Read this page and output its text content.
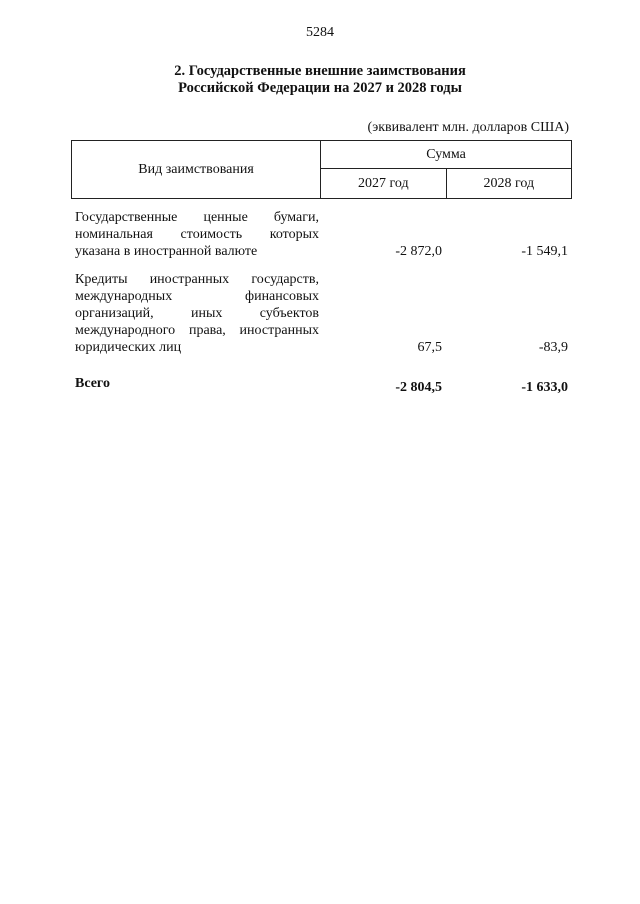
5284
2. Государственные внешние заимствования
Российской Федерации на 2027 и 2028 годы
(эквивалент млн. долларов США)
Вид заимствования	Сумма	
	2027 год	2028 год
Государственные ценные бумаги, номинальная стоимость которых указана в иностранной валюте	-2 872,0	-1 549,1
Кредиты иностранных государств, международных финансовых организаций, иных субъектов международного права, иностранных юридических лиц	67,5	-83,9
Всего	-2 804,5	-1 633,0
